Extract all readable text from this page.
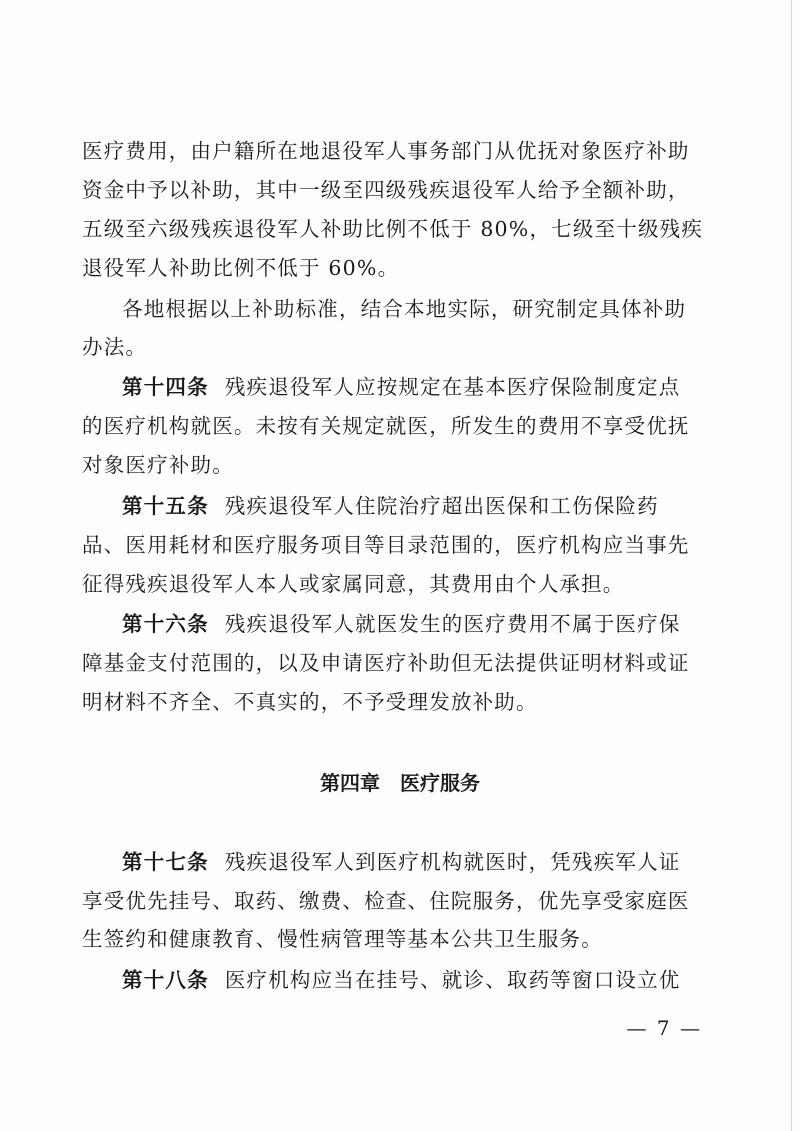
医疗费用，由户籍所在地退役军人事务部门从优抚对象医疗补助
资金中予以补助，其中一级至四级残疾退役军人给予全额补助，
五级至六级残疾退役军人补助比例不低于 80%，七级至十级残疾
退役军人补助比例不低于 60%。
各地根据以上补助标准，结合本地实际，研究制定具体补助
办法。
第十四条 残疾退役军人应按规定在基本医疗保险制度定点
的医疗机构就医。未按有关规定就医，所发生的费用不享受优抚
对象医疗补助。
第十五条 残疾退役军人住院治疗超出医保和工伤保险药
品、医用耗材和医疗服务项目等目录范围的，医疗机构应当事先
征得残疾退役军人本人或家属同意，其费用由个人承担。
第十六条 残疾退役军人就医发生的医疗费用不属于医疗保
障基金支付范围的，以及申请医疗补助但无法提供证明材料或证
明材料不齐全、不真实的，不予受理发放补助。
第四章　医疗服务
第十七条 残疾退役军人到医疗机构就医时，凭残疾军人证
享受优先挂号、取药、缴费、检查、住院服务，优先享受家庭医
生签约和健康教育、慢性病管理等基本公共卫生服务。
第十八条 医疗机构应当在挂号、就诊、取药等窗口设立优
— 7 —
